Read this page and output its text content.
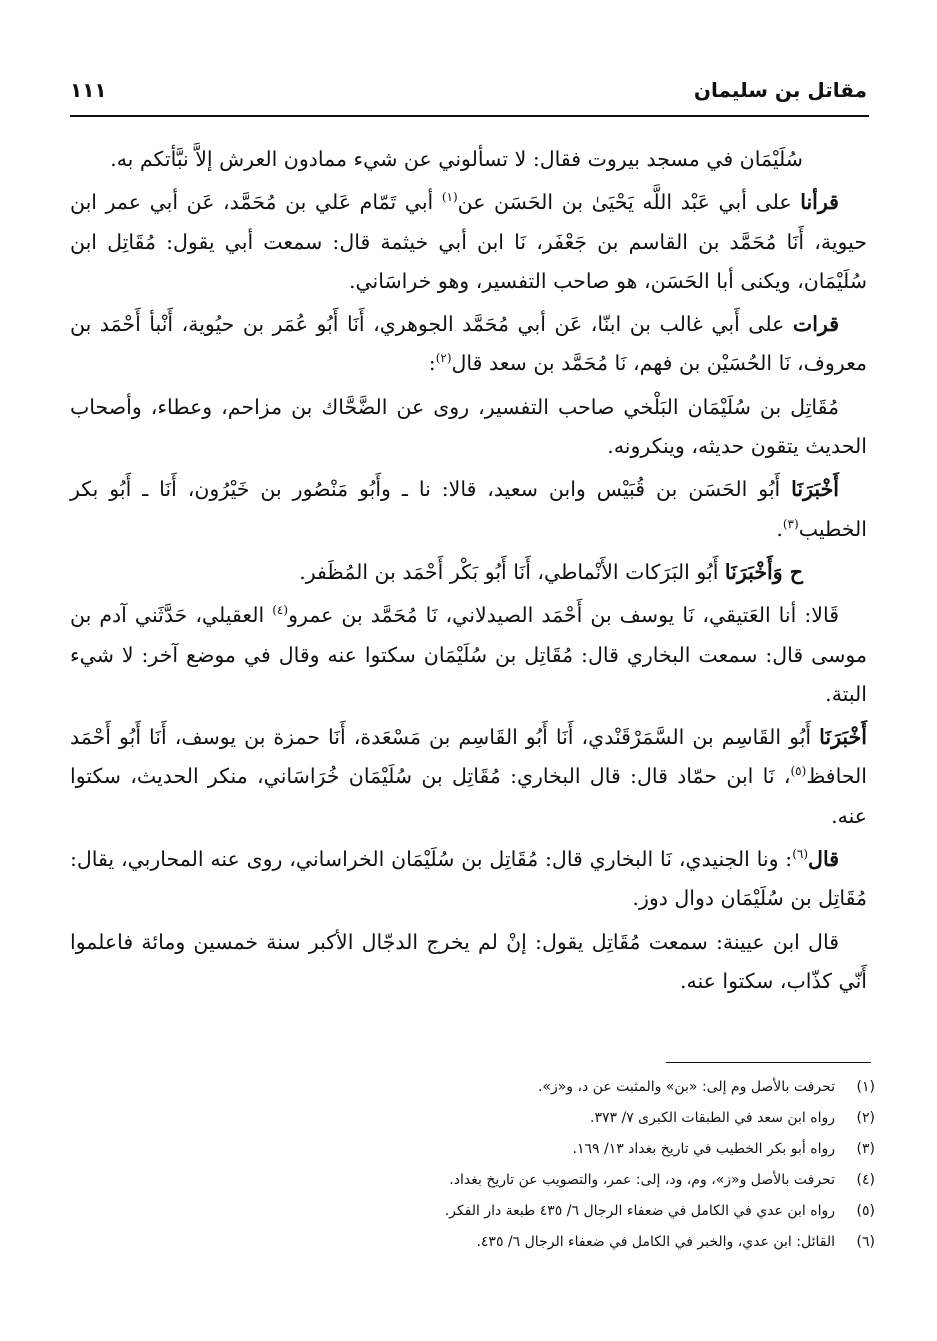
مقاتل بن سليمان
١١١

سُلَيْمَان في مسجد بيروت فقال: لا تسألوني عن شيء ممادون العرش إلاَّ نبَّأتكم به.

قرأنا على أبي عَبْد اللَّه يَحْيَىٰ بن الحَسَن عن$^{(١)}$ أبي تَمّام عَلي بن مُحَمَّد، عَن أبي عمر ابن حيوية، أَنَا مُحَمَّد بن القاسم بن جَعْفَر، نَا ابن أبي خيثمة قال: سمعت أبي يقول: مُقَاتِل ابن سُلَيْمَان، ويكنى أبا الحَسَن، هو صاحب التفسير، وهو خراسَاني.

قرات على أَبي غالب بن ابنّا، عَن أبي مُحَمَّد الجوهري، أَنَا أَبُو عُمَر بن حيُوية، أَنْبأ أَحْمَد بن معروف، نَا الحُسَيْن بن فهم، نَا مُحَمَّد بن سعد قال$^{(٢)}$:

مُقَاتِل بن سُلَيْمَان البَلْخي صاحب التفسير، روى عن الضَّحَّاك بن مزاحم، وعطاء، وأصحاب الحديث يتقون حديثه، وينكرونه.

أَخْبَرَنَا أَبُو الحَسَن بن قُبَيْس وابن سعيد، قالا: نا ـ وأَبُو مَنْصُور بن خَيْرُون، أَنَا ـ أَبُو بكر الخطيب$^{(٣)}$.

ح وَأَخْبَرَنَا أَبُو البَرَكات الأَنْماطي، أَنَا أَبُو بَكْر أَحْمَد بن المُظَفر.

قَالا: أنا العَتيقي، نَا يوسف بن أَحْمَد الصيدلاني، نَا مُحَمَّد بن عمرو$^{(٤)}$ العقيلي، حَدَّثَني آدم بن موسى قال: سمعت البخاري قال: مُقَاتِل بن سُلَيْمَان سكتوا عنه وقال في موضع آخر: لا شيء البتة.

أَخْبَرَنَا أَبُو القَاسِم بن السَّمَرْقَنْدي، أَنَا أَبُو القَاسِم بن مَسْعَدة، أَنَا حمزة بن يوسف، أَنَا أَبُو أَحْمَد الحافظ$^{(٥)}$، نَا ابن حمّاد قال: قال البخاري: مُقَاتِل بن سُلَيْمَان خُرَاسَاني، منكر الحديث، سكتوا عنه.

قال$^{(٦)}$: ونا الجنيدي، نَا البخاري قال: مُقَاتِل بن سُلَيْمَان الخراساني، روى عنه المحاربي، يقال: مُقَاتِل بن سُلَيْمَان دوال دوز.

قال ابن عيينة: سمعت مُقَاتِل يقول: إنْ لم يخرج الدجّال الأكبر سنة خمسين ومائة فاعلموا أَنّي كذّاب، سكتوا عنه.

(١)
تحرفت بالأصل وم إلى: «بن» والمثبت عن د، و«ز».
(٢)
رواه ابن سعد في الطبقات الكبرى ٧/ ٣٧٣.
(٣)
رواه أبو بكر الخطيب في تاريخ بغداد ١٣/ ١٦٩.
(٤)
تحرفت بالأصل و«ز»، وم، ود، إلى: عمر، والتصويب عن تاريخ بغداد.
(٥)
رواه ابن عدي في الكامل في ضعفاء الرجال ٦/ ٤٣٥ طبعة دار الفكر.
(٦)
القائل: ابن عدي، والخبر في الكامل في ضعفاء الرجال ٦/ ٤٣٥.
